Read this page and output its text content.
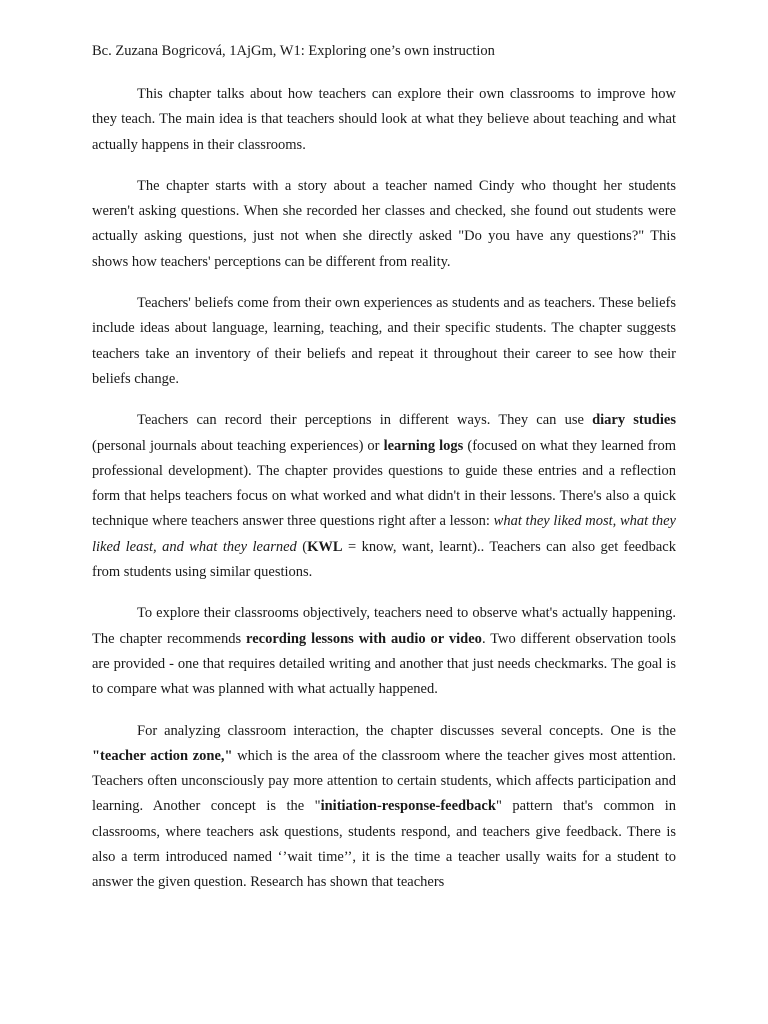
Bc. Zuzana Bogricová, 1AjGm, W1: Exploring one’s own instruction

This chapter talks about how teachers can explore their own classrooms to improve how they teach. The main idea is that teachers should look at what they believe about teaching and what actually happens in their classrooms.

The chapter starts with a story about a teacher named Cindy who thought her students weren't asking questions. When she recorded her classes and checked, she found out students were actually asking questions, just not when she directly asked "Do you have any questions?" This shows how teachers' perceptions can be different from reality.

Teachers' beliefs come from their own experiences as students and as teachers. These beliefs include ideas about language, learning, teaching, and their specific students. The chapter suggests teachers take an inventory of their beliefs and repeat it throughout their career to see how their beliefs change.

Teachers can record their perceptions in different ways. They can use diary studies (personal journals about teaching experiences) or learning logs (focused on what they learned from professional development). The chapter provides questions to guide these entries and a reflection form that helps teachers focus on what worked and what didn't in their lessons. There's also a quick technique where teachers answer three questions right after a lesson: what they liked most, what they liked least, and what they learned (KWL = know, want, learnt).. Teachers can also get feedback from students using similar questions.

To explore their classrooms objectively, teachers need to observe what's actually happening. The chapter recommends recording lessons with audio or video. Two different observation tools are provided - one that requires detailed writing and another that just needs checkmarks. The goal is to compare what was planned with what actually happened.

For analyzing classroom interaction, the chapter discusses several concepts. One is the "teacher action zone," which is the area of the classroom where the teacher gives most attention. Teachers often unconsciously pay more attention to certain students, which affects participation and learning. Another concept is the "initiation-response-feedback" pattern that's common in classrooms, where teachers ask questions, students respond, and teachers give feedback. There is also a term introduced named ‘’wait time’’, it is the time a teacher usally waits for a student to answer the given question. Research has shown that teachers
